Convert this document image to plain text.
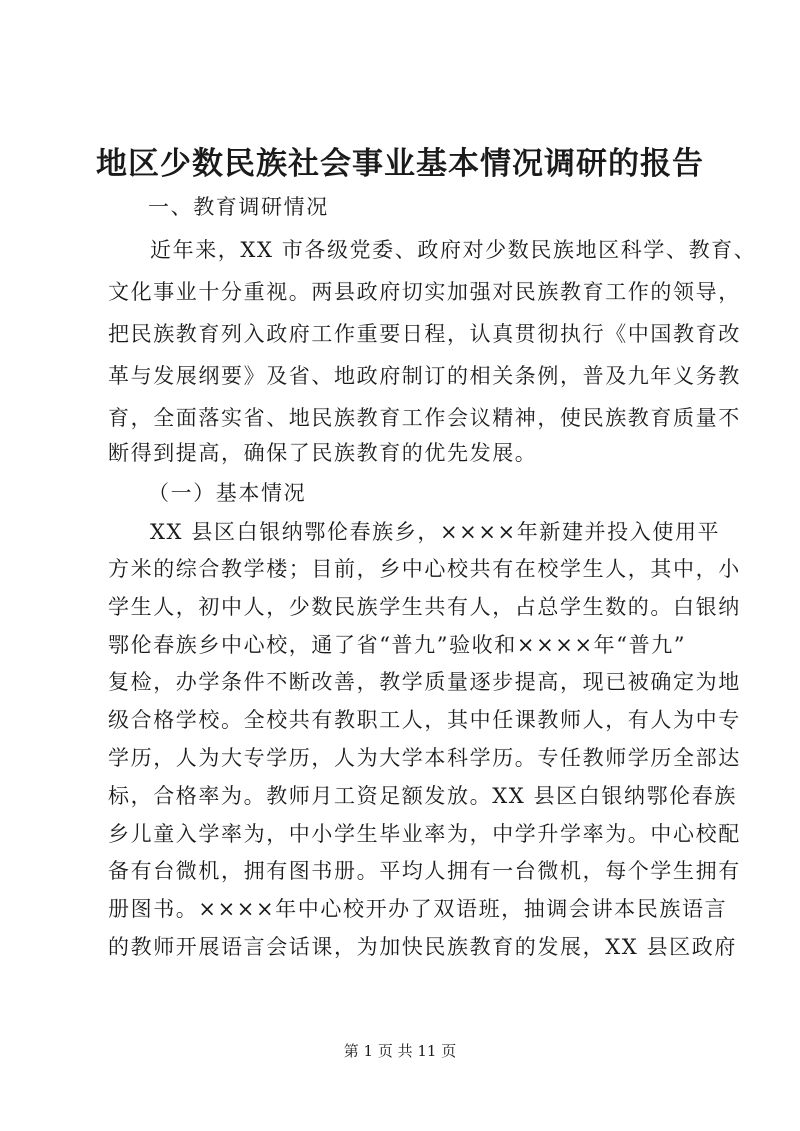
地区少数民族社会事业基本情况调研的报告
一、教育调研情况
近年来，XX 市各级党委、政府对少数民族地区科学、教育、
文化事业十分重视。两县政府切实加强对民族教育工作的领导，
把民族教育列入政府工作重要日程，认真贯彻执行《中国教育改
革与发展纲要》及省、地政府制订的相关条例，普及九年义务教
育，全面落实省、地民族教育工作会议精神，使民族教育质量不
断得到提高，确保了民族教育的优先发展。
（一）基本情况
XX 县区白银纳鄂伦春族乡，××××年新建并投入使用平
方米的综合教学楼；目前，乡中心校共有在校学生人，其中，小
学生人，初中人，少数民族学生共有人，占总学生数的。白银纳
鄂伦春族乡中心校，通了省“普九”验收和××××年“普九”
复检，办学条件不断改善，教学质量逐步提高，现已被确定为地
级合格学校。全校共有教职工人，其中任课教师人，有人为中专
学历，人为大专学历，人为大学本科学历。专任教师学历全部达
标，合格率为。教师月工资足额发放。XX 县区白银纳鄂伦春族
乡儿童入学率为，中小学生毕业率为，中学升学率为。中心校配
备有台微机，拥有图书册。平均人拥有一台微机，每个学生拥有
册图书。××××年中心校开办了双语班，抽调会讲本民族语言
的教师开展语言会话课，为加快民族教育的发展，XX 县区政府
第 1 页 共 11 页
